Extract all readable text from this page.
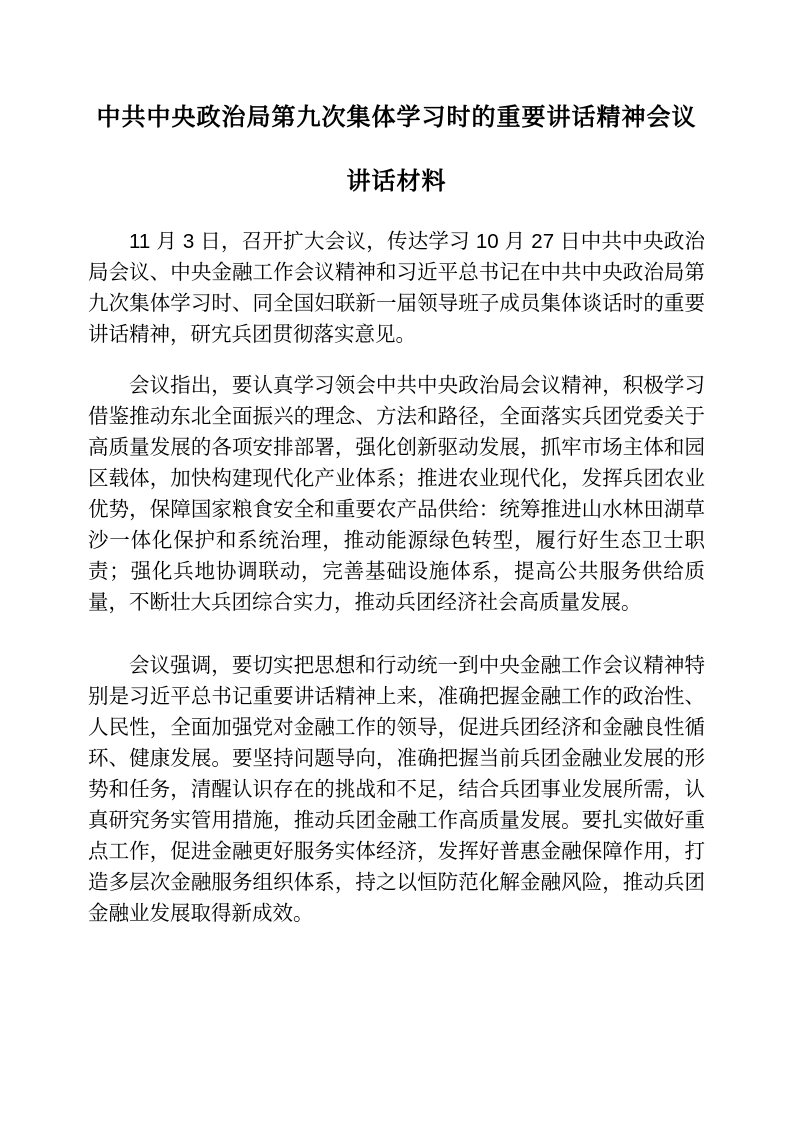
中共中央政治局第九次集体学习时的重要讲话精神会议
讲话材料

11 月 3 日，召开扩大会议，传达学习 10 月 27 日中共中央政治局会议、中央金融工作会议精神和习近平总书记在中共中央政治局第九次集体学习时、同全国妇联新一届领导班子成员集体谈话时的重要讲话精神，研宄兵团贯彻落实意见。

会议指出，要认真学习领会中共中央政治局会议精神，积极学习借鉴推动东北全面振兴的理念、方法和路径，全面落实兵团党委关于高质量发展的各项安排部署，强化创新驱动发展，抓牢市场主体和园区载体，加快构建现代化产业体系；推进农业现代化，发挥兵团农业优势，保障国家粮食安全和重要农产品供给：统筹推进山水林田湖草沙一体化保护和系统治理，推动能源绿色转型，履行好生态卫士职责；强化兵地协调联动，完善基础设施体系，提高公共服务供给质量，不断壮大兵团综合实力，推动兵团经济社会高质量发展。

会议强调，要切实把思想和行动统一到中央金融工作会议精神特别是习近平总书记重要讲话精神上来，准确把握金融工作的政治性、人民性，全面加强党对金融工作的领导，促进兵团经济和金融良性循环、健康发展。要坚持问题导向，准确把握当前兵团金融业发展的形势和任务，清醒认识存在的挑战和不足，结合兵团事业发展所需，认真研究务实管用措施，推动兵团金融工作高质量发展。要扎实做好重点工作，促进金融更好服务实体经济，发挥好普惠金融保障作用，打造多层次金融服务组织体系，持之以恒防范化解金融风险，推动兵团金融业发展取得新成效。
